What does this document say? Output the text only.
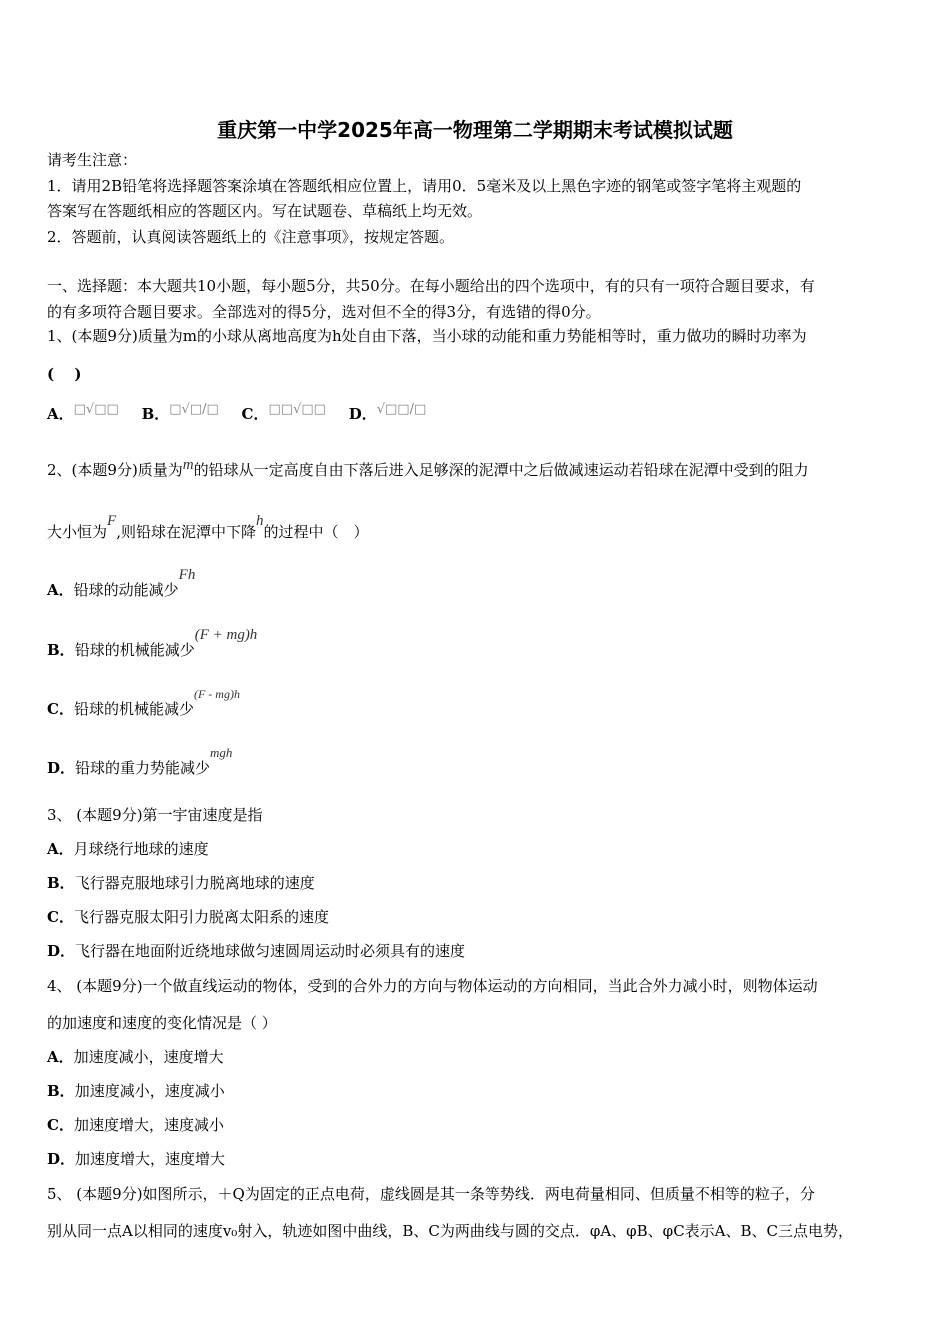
重庆第一中学2025年高一物理第二学期期末考试模拟试题
请考生注意：
1．请用2B铅笔将选择题答案涂填在答题纸相应位置上，请用0．5毫米及以上黑色字迹的钢笔或签字笔将主观题的
答案写在答题纸相应的答题区内。写在试题卷、草稿纸上均无效。
2．答题前，认真阅读答题纸上的《注意事项》，按规定答题。
一、选择题：本大题共10小题，每小题5分，共50分。在每小题给出的四个选项中，有的只有一项符合题目要求，有
的有多项符合题目要求。全部选对的得5分，选对但不全的得3分，有选错的得0分。
1、(本题9分)质量为m的小球从离地高度为h处自由下落，当小球的动能和重力势能相等时，重力做功的瞬时功率为
(　 )
A．□√□□ B．□√□/□ C．□□√□□ D．√□□/□
2、(本题9分)质量为m的铅球从一定高度自由下落后进入足够深的泥潭中之后做减速运动若铅球在泥潭中受到的阻力
大小恒为F,则铅球在泥潭中下降h的过程中（　）
A．铅球的动能减少Fh
B．铅球的机械能减少(F + mg)h
C．铅球的机械能减少$^{(F - mg)h}$
D．铅球的重力势能减少mgh
3、 (本题9分)第一宇宙速度是指
A．月球绕行地球的速度
B．飞行器克服地球引力脱离地球的速度
C．飞行器克服太阳引力脱离太阳系的速度
D．飞行器在地面附近绕地球做匀速圆周运动时必须具有的速度
4、 (本题9分)一个做直线运动的物体，受到的合外力的方向与物体运动的方向相同，当此合外力减小时，则物体运动
的加速度和速度的变化情况是（ ）
A．加速度减小，速度增大
B．加速度减小，速度减小
C．加速度增大，速度减小
D．加速度增大，速度增大
5、 (本题9分)如图所示，＋Q为固定的正点电荷，虚线圆是其一条等势线．两电荷量相同、但质量不相等的粒子，分
别从同一点A以相同的速度v₀射入，轨迹如图中曲线，B、C为两曲线与圆的交点．φA、φB、φC表示A、B、C三点电势，
